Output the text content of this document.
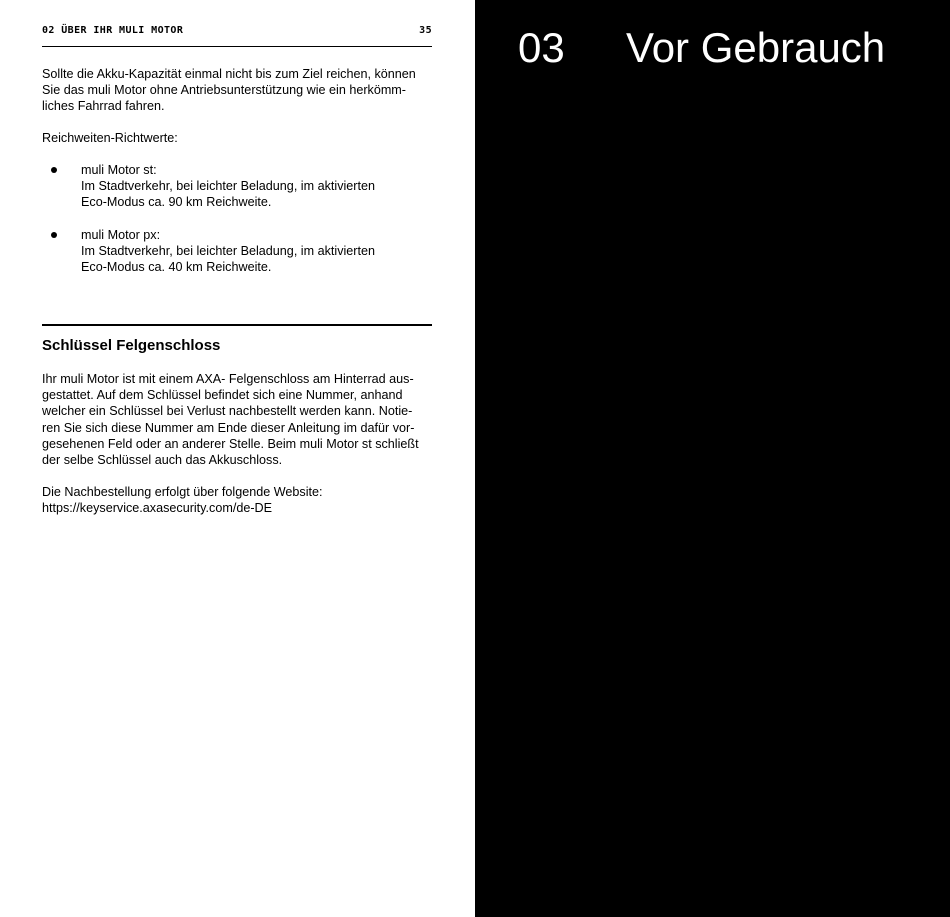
02 ÜBER IHR MULI MOTOR	35
Sollte die Akku-Kapazität einmal nicht bis zum Ziel reichen, können
Sie das muli Motor ohne Antriebsunterstützung wie ein herkömm-
liches Fahrrad fahren.
Reichweiten-Richtwerte:
muli Motor st:
Im Stadtverkehr, bei leichter Beladung, im aktivierten
Eco-Modus ca. 90 km Reichweite.
muli Motor px:
Im Stadtverkehr, bei leichter Beladung, im aktivierten
Eco-Modus ca. 40 km Reichweite.
Schlüssel Felgenschloss
Ihr muli Motor ist mit einem AXA- Felgenschloss am Hinterrad aus-
gestattet. Auf dem Schlüssel befindet sich eine Nummer, anhand
welcher ein Schlüssel bei Verlust nachbestellt werden kann. Notie-
ren Sie sich diese Nummer am Ende dieser Anleitung im dafür vor-
gesehenen Feld oder an anderer Stelle. Beim muli Motor st schließt
der selbe Schlüssel auch das Akkuschloss.
Die Nachbestellung erfolgt über folgende Website:
https://keyservice.axasecurity.com/de-DE
03 Vor Gebrauch
